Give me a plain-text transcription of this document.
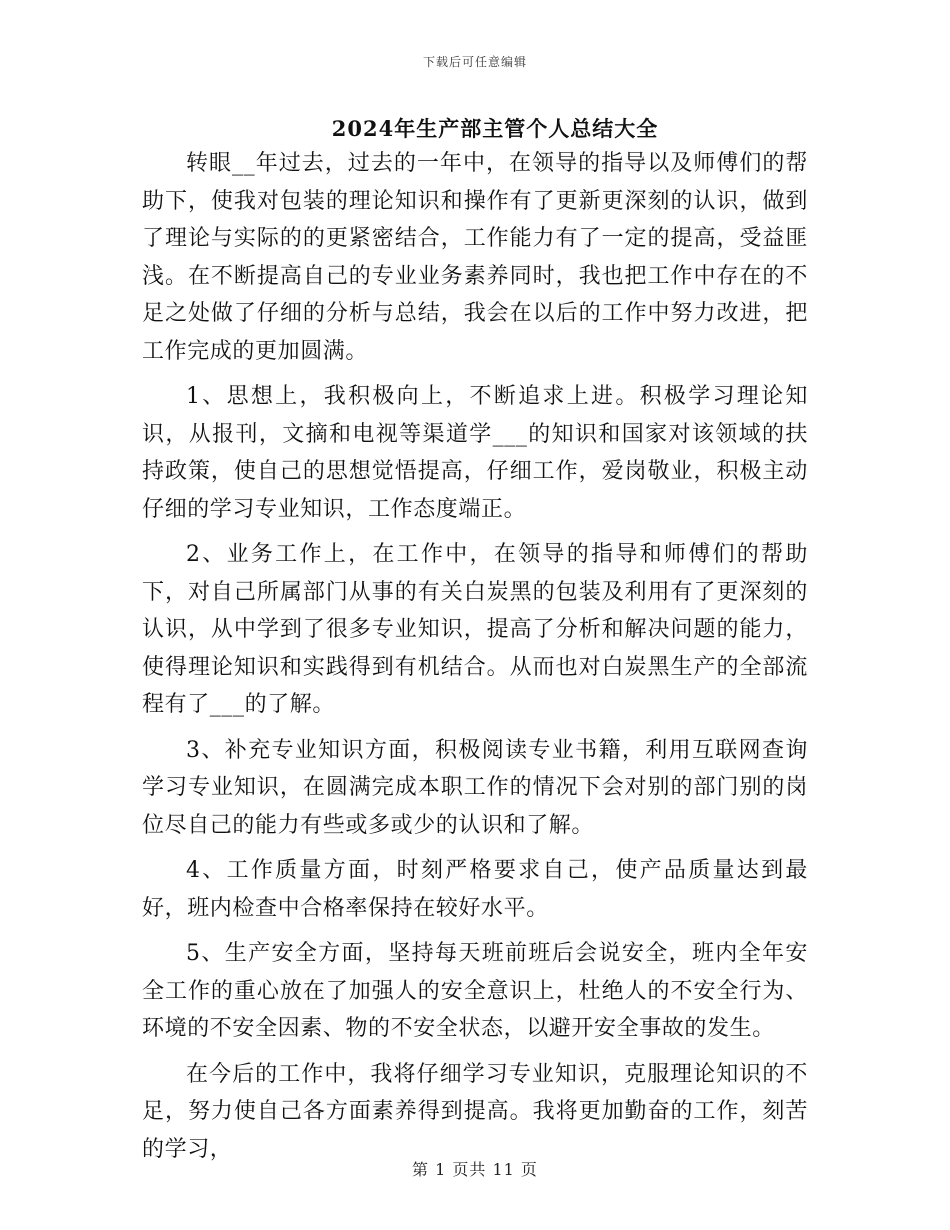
下载后可任意编辑
2024年生产部主管个人总结大全

转眼__年过去，过去的一年中，在领导的指导以及师傅们的帮助下，使我对包装的理论知识和操作有了更新更深刻的认识，做到了理论与实际的的更紧密结合，工作能力有了一定的提高，受益匪浅。在不断提高自己的专业业务素养同时，我也把工作中存在的不足之处做了仔细的分析与总结，我会在以后的工作中努力改进，把工作完成的更加圆满。

1、思想上，我积极向上，不断追求上进。积极学习理论知识，从报刊，文摘和电视等渠道学___的知识和国家对该领域的扶持政策，使自己的思想觉悟提高，仔细工作，爱岗敬业，积极主动仔细的学习专业知识，工作态度端正。

2、业务工作上，在工作中，在领导的指导和师傅们的帮助下，对自己所属部门从事的有关白炭黑的包装及利用有了更深刻的认识，从中学到了很多专业知识，提高了分析和解决问题的能力，使得理论知识和实践得到有机结合。从而也对白炭黑生产的全部流程有了___的了解。

3、补充专业知识方面，积极阅读专业书籍，利用互联网查询学习专业知识，在圆满完成本职工作的情况下会对别的部门别的岗位尽自己的能力有些或多或少的认识和了解。

4、工作质量方面，时刻严格要求自己，使产品质量达到最好，班内检查中合格率保持在较好水平。

5、生产安全方面，坚持每天班前班后会说安全，班内全年安全工作的重心放在了加强人的安全意识上，杜绝人的不安全行为、环境的不安全因素、物的不安全状态，以避开安全事故的发生。

在今后的工作中，我将仔细学习专业知识，克服理论知识的不足，努力使自己各方面素养得到提高。我将更加勤奋的工作，刻苦的学习，

第 1 页共 11 页
